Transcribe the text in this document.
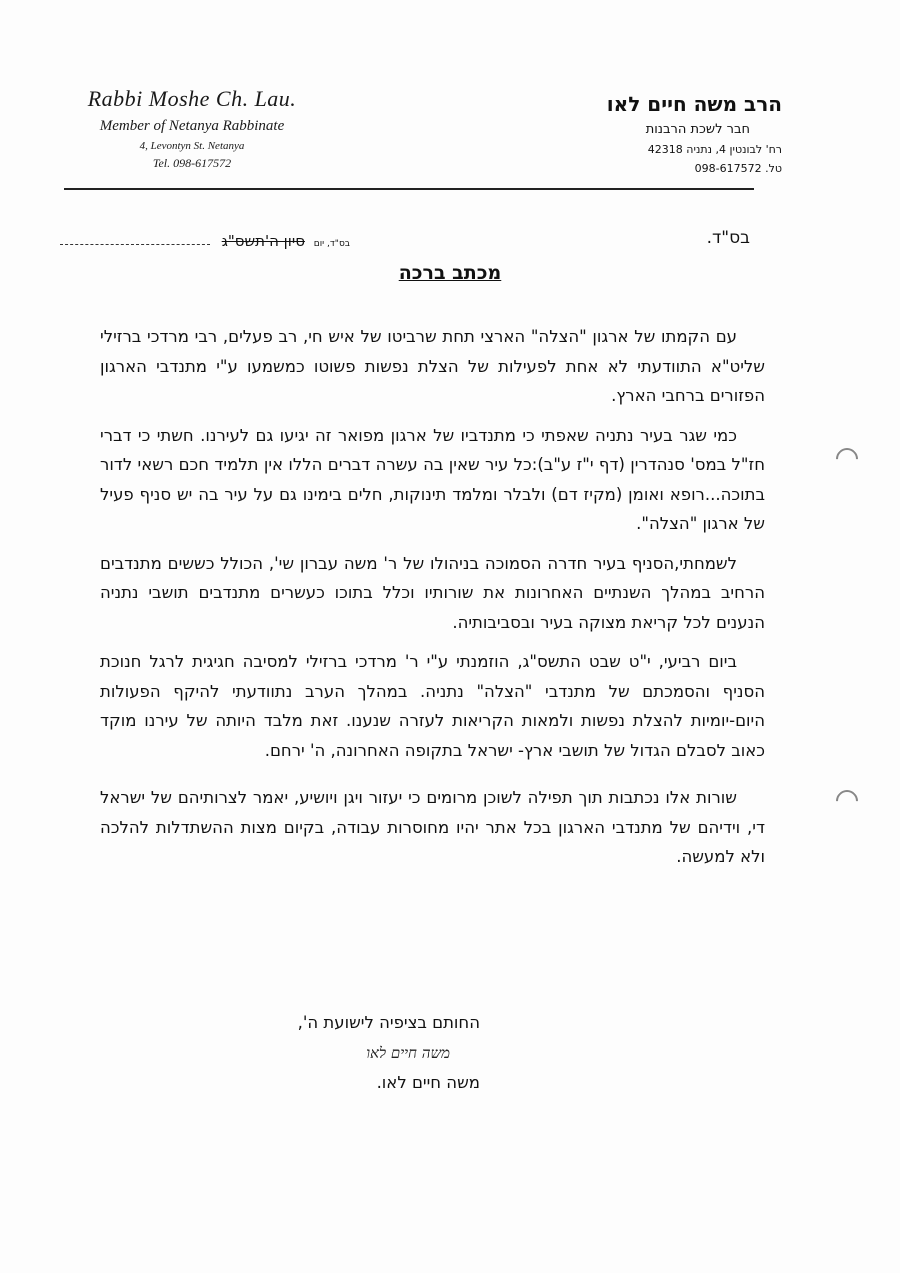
Rabbi Moshe Ch. Lau.
Member of Netanya Rabbinate
4, Levontyn St. Netanya
Tel. 098-617572
הרב משה חיים לאו
חבר לשכת הרבנות
רח' לבונטין 4, נתניה 42318
טל. 098-617572
בס"ד.
בס"ד, יום סיון ה'תשס"ג
מכתב ברכה

עם הקמתו של ארגון "הצלה" הארצי תחת שרביטו של איש חי, רב פעלים, רבי מרדכי ברזילי שליט"א התוודעתי לא אחת לפעילות של הצלת נפשות פשוטו כמשמעו ע"י מתנדבי הארגון הפזורים ברחבי הארץ.

כמי שגר בעיר נתניה שאפתי כי מתנדביו של ארגון מפואר זה יגיעו גם לעירנו. חשתי כי דברי חז"ל במס' סנהדרין (דף י"ז ע"ב):כל עיר שאין בה עשרה דברים הללו אין תלמיד חכם רשאי לדור בתוכה...רופא ואומן (מקיז דם) ולבלר ומלמד תינוקות, חלים בימינו גם על עיר בה יש סניף פעיל של ארגון "הצלה".

לשמחתי,הסניף בעיר חדרה הסמוכה בניהולו של ר' משה עברון שי', הכולל כששים מתנדבים הרחיב במהלך השנתיים האחרונות את שורותיו וכלל בתוכו כעשרים מתנדבים תושבי נתניה הנענים לכל קריאת מצוקה בעיר ובסביבותיה.

ביום רביעי, י"ט שבט התשס"ג, הוזמנתי ע"י ר' מרדכי ברזילי למסיבה חגיגית לרגל חנוכת הסניף והסמכתם של מתנדבי "הצלה" נתניה. במהלך הערב נתוודעתי להיקף הפעולות היום-יומיות להצלת נפשות ולמאות הקריאות לעזרה שנענו. זאת מלבד היותה של עירנו מוקד כאוב לסבלם הגדול של תושבי ארץ- ישראל בתקופה האחרונה, ה' ירחם.

שורות אלו נכתבות תוך תפילה לשוכן מרומים כי יעזור ויגן ויושיע, יאמר לצרותיהם של ישראל די, וידיהם של מתנדבי הארגון בכל אתר יהיו מחוסרות עבודה, בקיום מצות ההשתדלות להלכה ולא למעשה.

החותם בציפיה לישועת ה',
משה חיים לאו
משה חיים לאו.
